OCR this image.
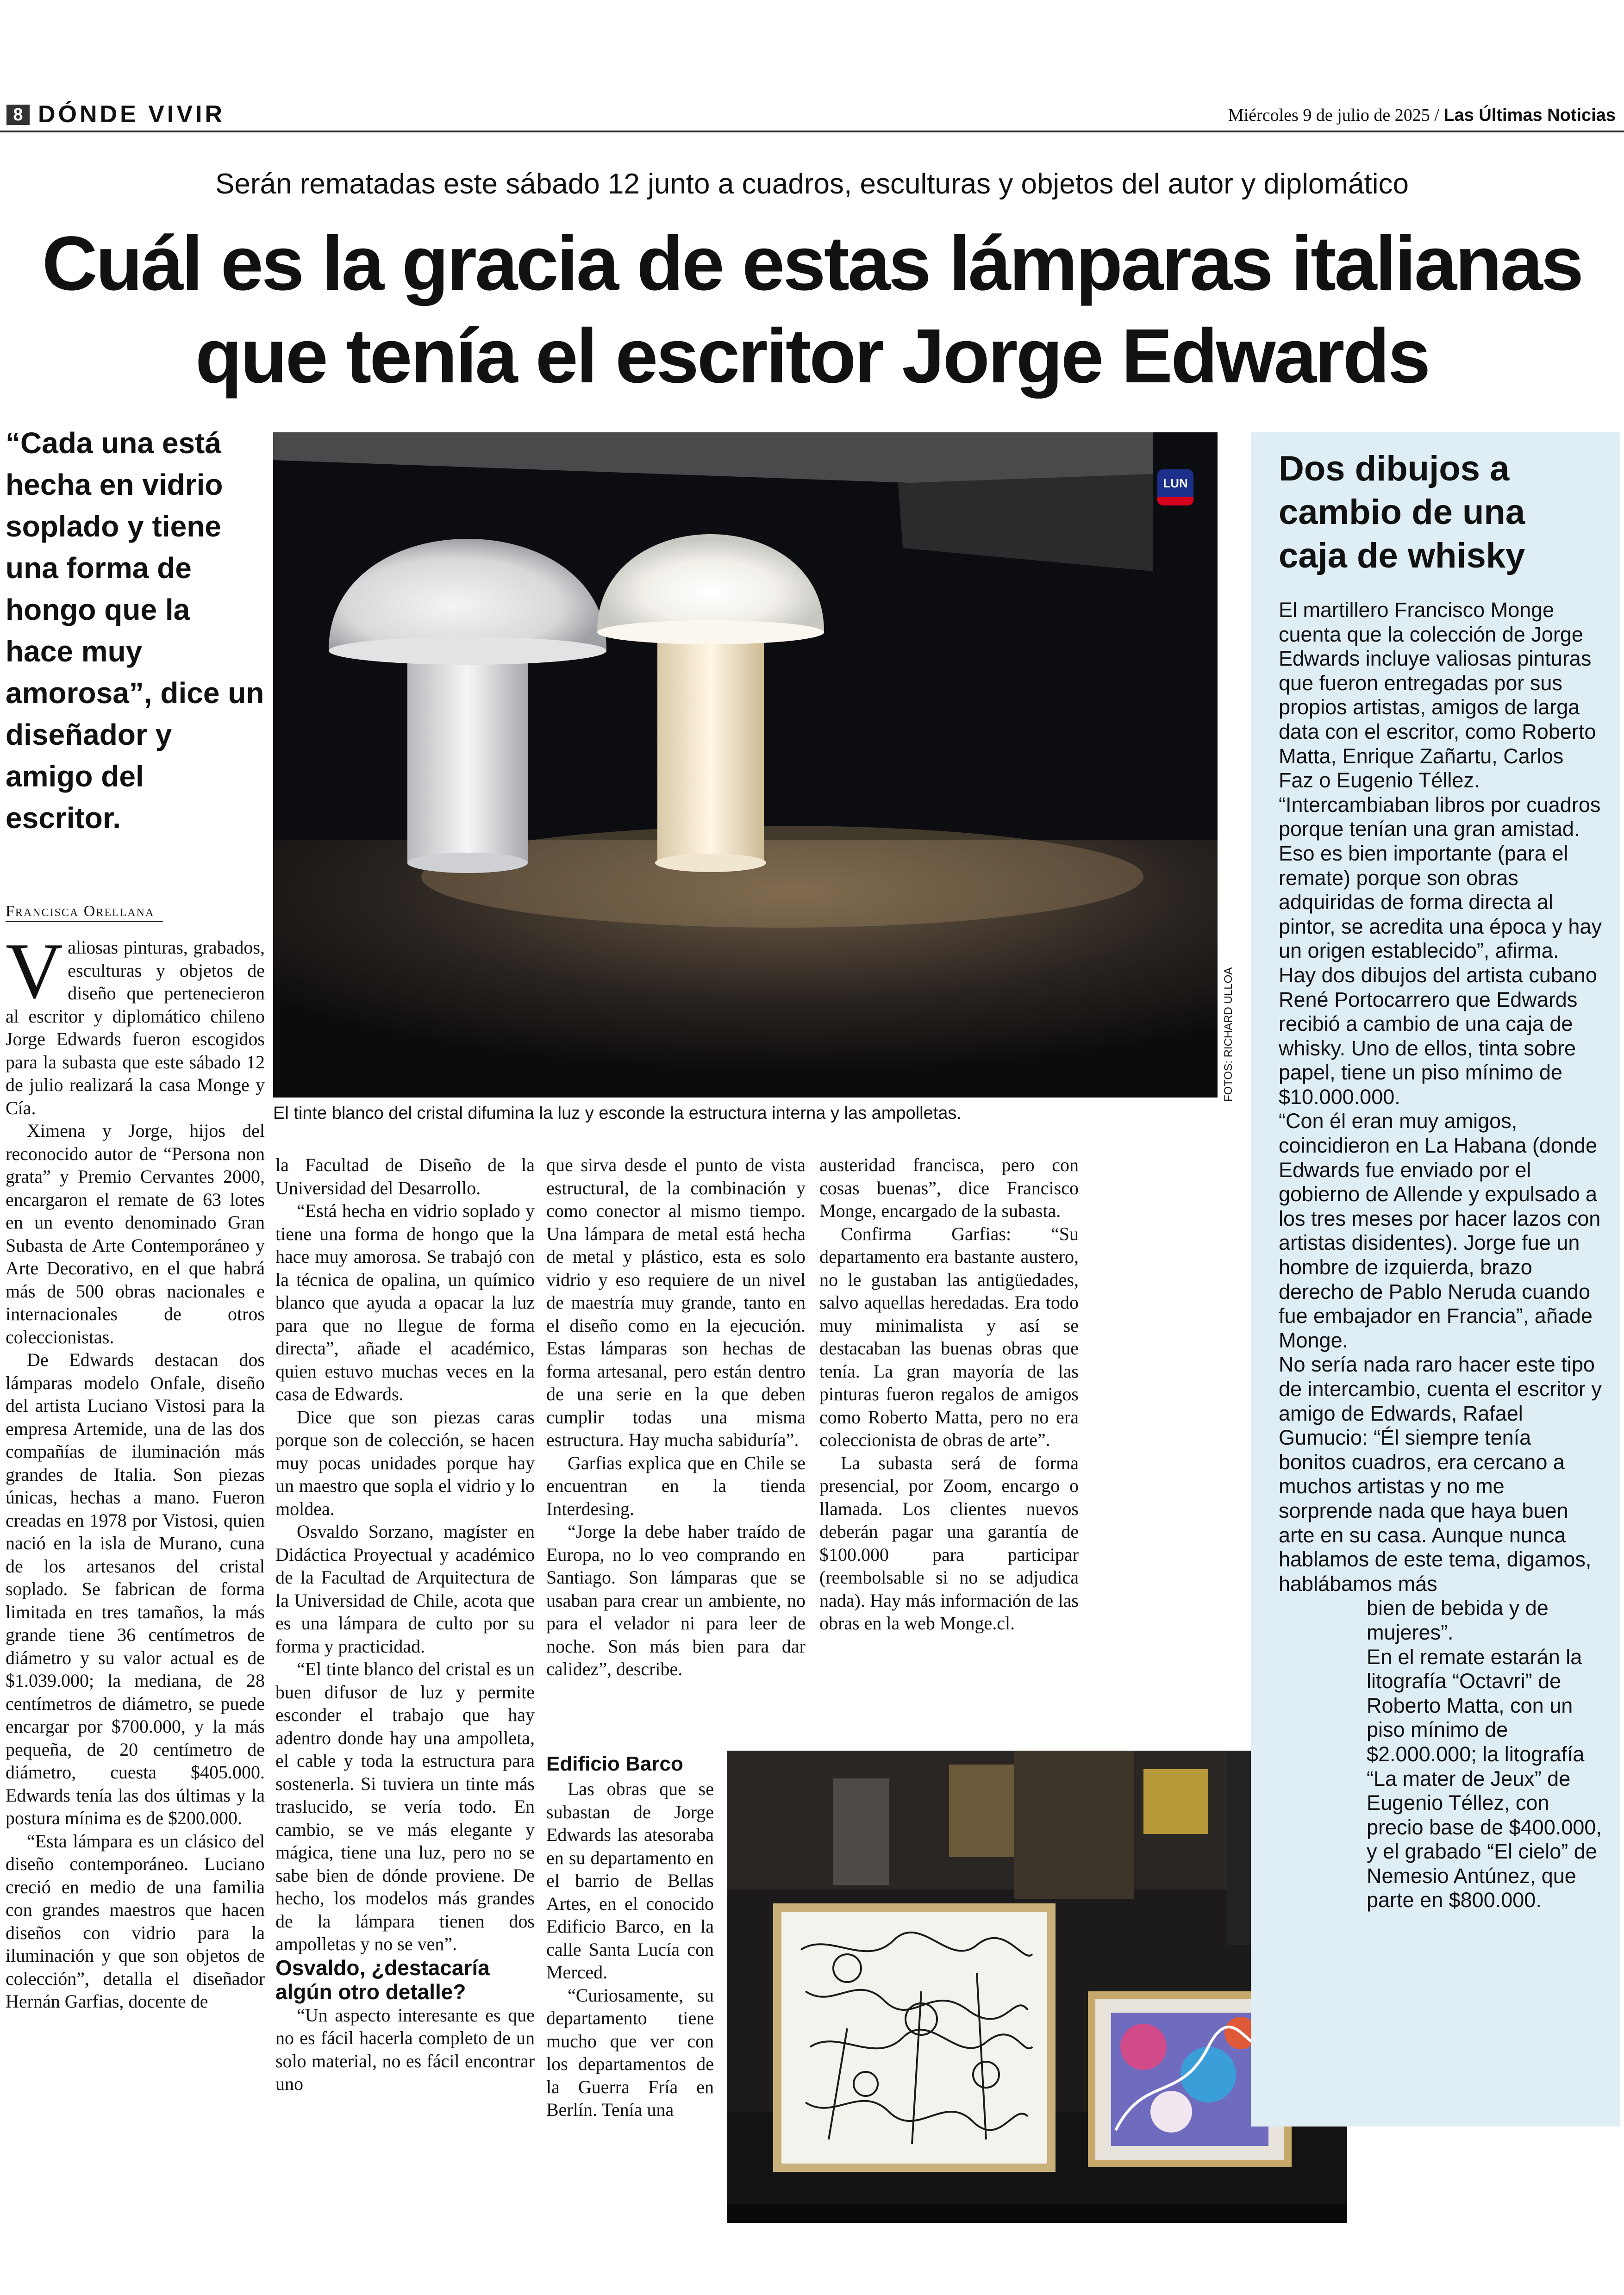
8 DÓNDE VIVIR	Miércoles 9 de julio de 2025 / Las Últimas Noticias
Serán rematadas este sábado 12 junto a cuadros, esculturas y objetos del autor y diplomático
Cuál es la gracia de estas lámparas italianas
que tenía el escritor Jorge Edwards
“Cada una está hecha en vidrio soplado y tiene una forma de hongo que la hace muy amorosa”, dice un diseñador y amigo del escritor.
Francisca Orellana
LUN
FOTOS: RICHARD ULLOA
El tinte blanco del cristal difumina la luz y esconde la estructura interna y las ampolletas.

Valiosas pinturas, grabados, esculturas y objetos de diseño que pertenecieron al escritor y diplomático chileno Jorge Edwards fueron escogidos para la subasta que este sábado 12 de julio realizará la casa Monge y Cía.

Ximena y Jorge, hijos del reconocido autor de “Persona non grata” y Premio Cervantes 2000, encargaron el remate de 63 lotes en un evento denominado Gran Subasta de Arte Contemporáneo y Arte Decorativo, en el que habrá más de 500 obras nacionales e internacionales de otros coleccionistas.

De Edwards destacan dos lámparas modelo Onfale, diseño del artista Luciano Vistosi para la empresa Artemide, una de las dos compañías de iluminación más grandes de Italia. Son piezas únicas, hechas a mano. Fueron creadas en 1978 por Vistosi, quien nació en la isla de Murano, cuna de los artesanos del cristal soplado. Se fabrican de forma limitada en tres tamaños, la más grande tiene 36 centímetros de diámetro y su valor actual es de $1.039.000; la mediana, de 28 centímetros de diámetro, se puede encargar por $700.000, y la más pequeña, de 20 centímetro de diámetro, cuesta $405.000. Edwards tenía las dos últimas y la postura mínima es de $200.000.

“Esta lámpara es un clásico del diseño contemporáneo. Luciano creció en medio de una familia con grandes maestros que hacen diseños con vidrio para la iluminación y que son objetos de colección”, detalla el diseñador Hernán Garfias, docente de

la Facultad de Diseño de la Universidad del Desarrollo.

“Está hecha en vidrio soplado y tiene una forma de hongo que la hace muy amorosa. Se trabajó con la técnica de opalina, un químico blanco que ayuda a opacar la luz para que no llegue de forma directa”, añade el académico, quien estuvo muchas veces en la casa de Edwards.

Dice que son piezas caras porque son de colección, se hacen muy pocas unidades porque hay un maestro que sopla el vidrio y lo moldea.

Osvaldo Sorzano, magíster en Didáctica Proyectual y académico de la Facultad de Arquitectura de la Universidad de Chile, acota que es una lámpara de culto por su forma y practicidad.

“El tinte blanco del cristal es un buen difusor de luz y permite esconder el trabajo que hay adentro donde hay una ampolleta, el cable y toda la estructura para sostenerla. Si tuviera un tinte más traslucido, se vería todo. En cambio, se ve más elegante y mágica, tiene una luz, pero no se sabe bien de dónde proviene. De hecho, los modelos más grandes de la lámpara tienen dos ampolletas y no se ven”.

Osvaldo, ¿destacaría algún otro detalle?

“Un aspecto interesante es que no es fácil hacerla completo de un solo material, no es fácil encontrar uno

que sirva desde el punto de vista estructural, de la combinación y como conector al mismo tiempo. Una lámpara de metal está hecha de metal y plástico, esta es solo vidrio y eso requiere de un nivel de maestría muy grande, tanto en el diseño como en la ejecución. Estas lámparas son hechas de forma artesanal, pero están dentro de una serie en la que deben cumplir todas una misma estructura. Hay mucha sabiduría”.

Garfias explica que en Chile se encuentran en la tienda Interdesing.

“Jorge la debe haber traído de Europa, no lo veo comprando en Santiago. Son lámparas que se usaban para crear un ambiente, no para el velador ni para leer de noche. Son más bien para dar calidez”, describe.

Edificio Barco

Las obras que se subastan de Jorge Edwards las atesoraba en su departamento en el barrio de Bellas Artes, en el conocido Edificio Barco, en la calle Santa Lucía con Merced.

“Curiosamente, su departamento tiene mucho que ver con los departamentos de la Guerra Fría en Berlín. Tenía una

austeridad francisca, pero con cosas buenas”, dice Francisco Monge, encargado de la subasta.

Confirma Garfias: “Su departamento era bastante austero, no le gustaban las antigüedades, salvo aquellas heredadas. Era todo muy minimalista y así se destacaban las buenas obras que tenía. La gran mayoría de las pinturas fueron regalos de amigos como Roberto Matta, pero no era coleccionista de obras de arte”.

La subasta será de forma presencial, por Zoom, encargo o llamada. Los clientes nuevos deberán pagar una garantía de $100.000 para participar (reembolsable si no se adjudica nada). Hay más información de las obras en la web Monge.cl.

Dos dibujos a cambio de una caja de whisky

El martillero Francisco Monge cuenta que la colección de Jorge Edwards incluye valiosas pinturas que fueron entregadas por sus propios artistas, amigos de larga data con el escritor, como Roberto Matta, Enrique Zañartu, Carlos Faz o Eugenio Téllez.

“Intercambiaban libros por cuadros porque tenían una gran amistad. Eso es bien importante (para el remate) porque son obras adquiridas de forma directa al pintor, se acredita una época y hay un origen establecido”, afirma.

Hay dos dibujos del artista cubano René Portocarrero que Edwards recibió a cambio de una caja de whisky. Uno de ellos, tinta sobre papel, tiene un piso mínimo de $10.000.000.

“Con él eran muy amigos, coincidieron en La Habana (donde Edwards fue enviado por el gobierno de Allende y expulsado a los tres meses por hacer lazos con artistas disidentes). Jorge fue un hombre de izquierda, brazo derecho de Pablo Neruda cuando fue embajador en Francia”, añade Monge.

No sería nada raro hacer este tipo de intercambio, cuenta el escritor y amigo de Edwards, Rafael Gumucio: “Él siempre tenía bonitos cuadros, era cercano a muchos artistas y no me sorprende nada que haya buen arte en su casa. Aunque nunca hablamos de este tema, digamos, hablábamos más

bien de bebida y de mujeres”.

En el remate estarán la litografía “Octavri” de Roberto Matta, con un piso mínimo de $2.000.000; la litografía “La mater de Jeux” de Eugenio Téllez, con precio base de $400.000, y el grabado “El cielo” de Nemesio Antúnez, que parte en $800.000.
